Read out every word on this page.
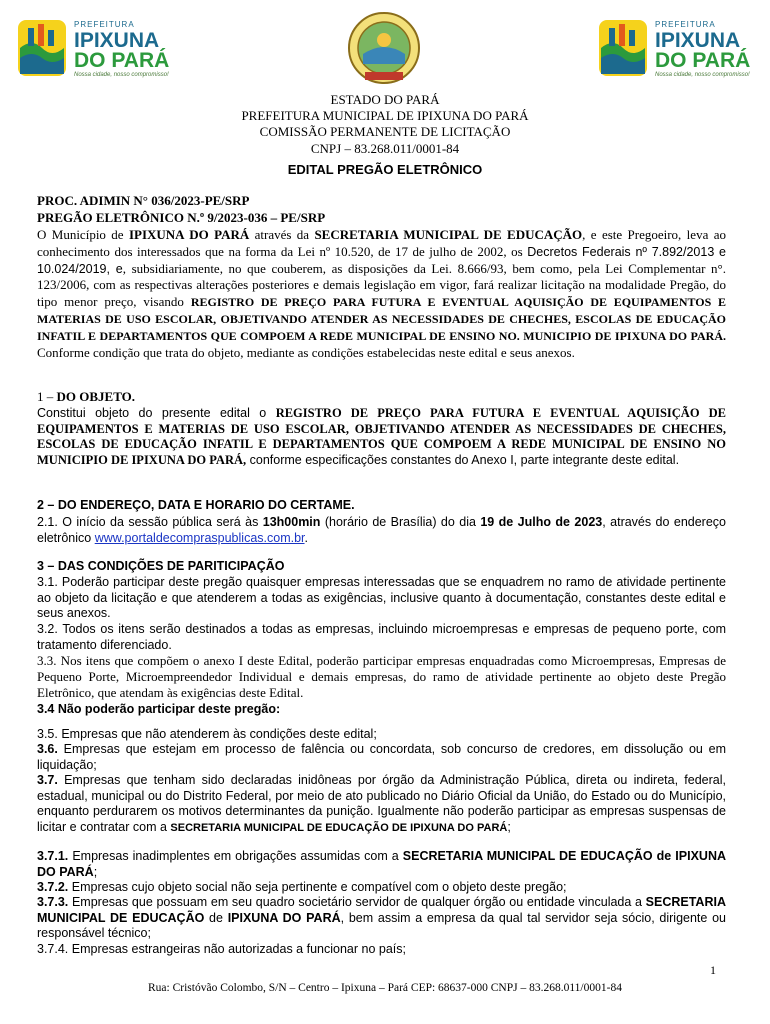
PREFEITURA
IPIXUNA
DO PARÁ
Nossa cidade, nosso compromisso!
PREFEITURA
IPIXUNA
DO PARÁ
Nossa cidade, nosso compromisso!
ESTADO DO PARÁ
PREFEITURA MUNICIPAL DE IPIXUNA DO PARÁ
COMISSÃO PERMANENTE DE LICITAÇÃO
CNPJ – 83.268.011/0001-84
EDITAL PREGÃO ELETRÔNICO
PROC. ADIMIN N° 036/2023-PE/SRP
PREGÃO ELETRÔNICO N.º 9/2023-036 – PE/SRP

O Município de IPIXUNA DO PARÁ através da SECRETARIA MUNICIPAL DE EDUCAÇÃO, e este Pregoeiro, leva ao conhecimento dos interessados que na forma da Lei nº 10.520, de 17 de julho de 2002, os Decretos Federais nº 7.892/2013 e 10.024/2019, e, subsidiariamente, no que couberem, as disposições da Lei. 8.666/93, bem como, pela Lei Complementar n°. 123/2006, com as respectivas alterações posteriores e demais legislação em vigor, fará realizar licitação na modalidade Pregão, do tipo menor preço, visando REGISTRO DE PREÇO PARA FUTURA E EVENTUAL AQUISIÇÃO DE EQUIPAMENTOS E MATERIAS DE USO ESCOLAR, OBJETIVANDO ATENDER AS NECESSIDADES DE CHECHES, ESCOLAS DE EDUCAÇÃO INFATIL E DEPARTAMENTOS QUE COMPOEM A REDE MUNICIPAL DE ENSINO NO. MUNICIPIO DE IPIXUNA DO PARÁ. Conforme condição que trata do objeto, mediante as condições estabelecidas neste edital e seus anexos.

1 – DO OBJETO.

Constitui objeto do presente edital o REGISTRO DE PREÇO PARA FUTURA E EVENTUAL AQUISIÇÃO DE EQUIPAMENTOS E MATERIAS DE USO ESCOLAR, OBJETIVANDO ATENDER AS NECESSIDADES DE CHECHES, ESCOLAS DE EDUCAÇÃO INFATIL E DEPARTAMENTOS QUE COMPOEM A REDE MUNICIPAL DE ENSINO NO MUNICIPIO DE IPIXUNA DO PARÁ, conforme especificações constantes do Anexo I, parte integrante deste edital.

2 – DO ENDEREÇO, DATA E HORARIO DO CERTAME.

2.1. O início da sessão pública será às 13h00min (horário de Brasília) do dia 19 de Julho de 2023, através do endereço eletrônico www.portaldecompraspublicas.com.br.

3 – DAS CONDIÇÕES DE PARITICIPAÇÃO

3.1. Poderão participar deste pregão quaisquer empresas interessadas que se enquadrem no ramo de atividade pertinente ao objeto da licitação e que atenderem a todas as exigências, inclusive quanto à documentação, constantes deste edital e seus anexos.

3.2. Todos os itens serão destinados a todas as empresas, incluindo microempresas e empresas de pequeno porte, com tratamento diferenciado.

3.3. Nos itens que compõem o anexo I deste Edital, poderão participar empresas enquadradas como Microempresas, Empresas de Pequeno Porte, Microempreendedor Individual e demais empresas, do ramo de atividade pertinente ao objeto deste Pregão Eletrônico, que atendam às exigências deste Edital.

3.4 Não poderão participar deste pregão:
3.5. Empresas que não atenderem às condições deste edital;

3.6. Empresas que estejam em processo de falência ou concordata, sob concurso de credores, em dissolução ou em liquidação;

3.7. Empresas que tenham sido declaradas inidôneas por órgão da Administração Pública, direta ou indireta, federal, estadual, municipal ou do Distrito Federal, por meio de ato publicado no Diário Oficial da União, do Estado ou do Município, enquanto perdurarem os motivos determinantes da punição. Igualmente não poderão participar as empresas suspensas de licitar e contratar com a SECRETARIA MUNICIPAL DE EDUCAÇÃO DE IPIXUNA DO PARÁ;

3.7.1. Empresas inadimplentes em obrigações assumidas com a SECRETARIA MUNICIPAL DE EDUCAÇÃO de IPIXUNA DO PARÁ;

3.7.2. Empresas cujo objeto social não seja pertinente e compatível com o objeto deste pregão;

3.7.3. Empresas que possuam em seu quadro societário servidor de qualquer órgão ou entidade vinculada a SECRETARIA MUNICIPAL DE EDUCAÇÃO de IPIXUNA DO PARÁ, bem assim a empresa da qual tal servidor seja sócio, dirigente ou responsável técnico;

3.7.4. Empresas estrangeiras não autorizadas a funcionar no país;
1
Rua: Cristóvão Colombo, S/N – Centro – Ipixuna – Pará CEP: 68637-000 CNPJ – 83.268.011/0001-84
